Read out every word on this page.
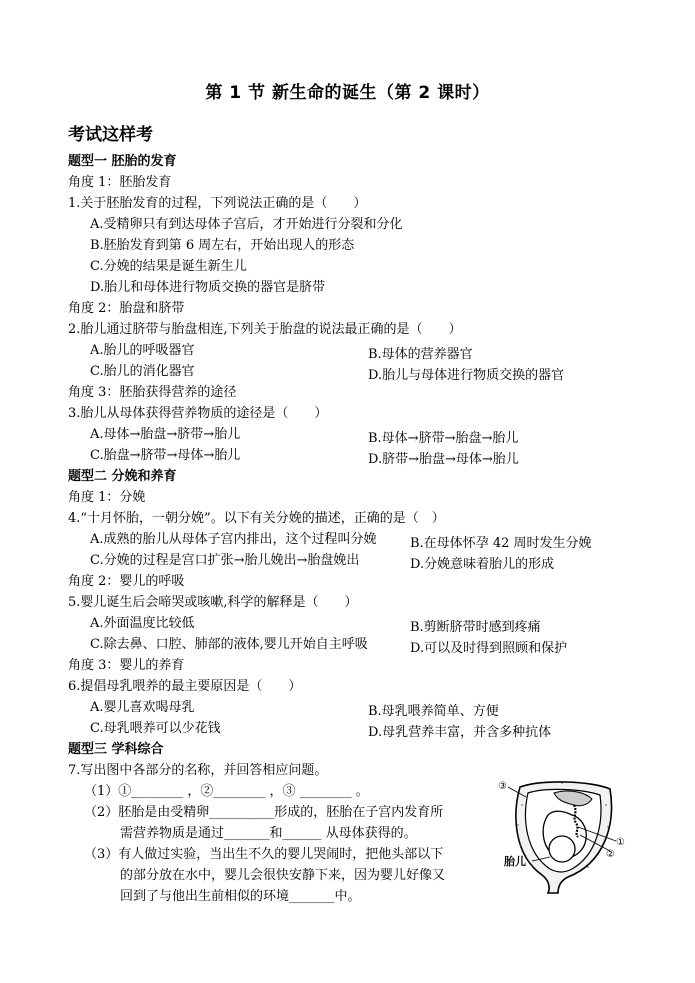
第 1 节 新生命的诞生（第 2 课时）
考试这样考
题型一 胚胎的发育
角度 1：胚胎发育
1.关于胚胎发育的过程，下列说法正确的是（　　）
A.受精卵只有到达母体子宫后，才开始进行分裂和分化
B.胚胎发育到第 6 周左右，开始出现人的形态
C.分娩的结果是诞生新生儿
D.胎儿和母体进行物质交换的器官是脐带
角度 2：胎盘和脐带
2.胎儿通过脐带与胎盘相连,下列关于胎盘的说法最正确的是（　　）
A.胎儿的呼吸器官	B.母体的营养器官
C.胎儿的消化器官	D.胎儿与母体进行物质交换的器官
角度 3：胚胎获得营养的途径
3.胎儿从母体获得营养物质的途径是（　　）
A.母体→胎盘→脐带→胎儿	B.母体→脐带→胎盘→胎儿
C.胎盘→脐带→母体→胎儿	D.脐带→胎盘→母体→胎儿
题型二 分娩和养育
角度 1：分娩
4.“十月怀胎，一朝分娩”。以下有关分娩的描述，正确的是（　）
A.成熟的胎儿从母体子宫内排出，这个过程叫分娩	B.在母体怀孕 42 周时发生分娩
C.分娩的过程是宫口扩张→胎儿娩出→胎盘娩出	D.分娩意味着胎儿的形成
角度 2：婴儿的呼吸
5.婴儿诞生后会啼哭或咳嗽,科学的解释是（　　）
A.外面温度比较低	B.剪断脐带时感到疼痛
C.除去鼻、口腔、肺部的液体,婴儿开始自主呼吸	D.可以及时得到照顾和保护
角度 3：婴儿的养育
6.提倡母乳喂养的最主要原因是（　　）
A.婴儿喜欢喝母乳	B.母乳喂养简单、方便
C.母乳喂养可以少花钱	D.母乳营养丰富，并含多种抗体
题型三 学科综合
7.写出图中各部分的名称，并回答相应问题。
（1）①________ ，②________ ，③ ________ 。
（2）胚胎是由受精卵__________形成的，胚胎在子宫内发育所
需营养物质是通过_______和______ 从母体获得的。
（3）有人做过实验，当出生不久的婴儿哭闹时，把他头部以下
的部分放在水中，婴儿会很快安静下来，因为婴儿好像又
回到了与他出生前相似的环境_______中。
③
①
②
胎儿
